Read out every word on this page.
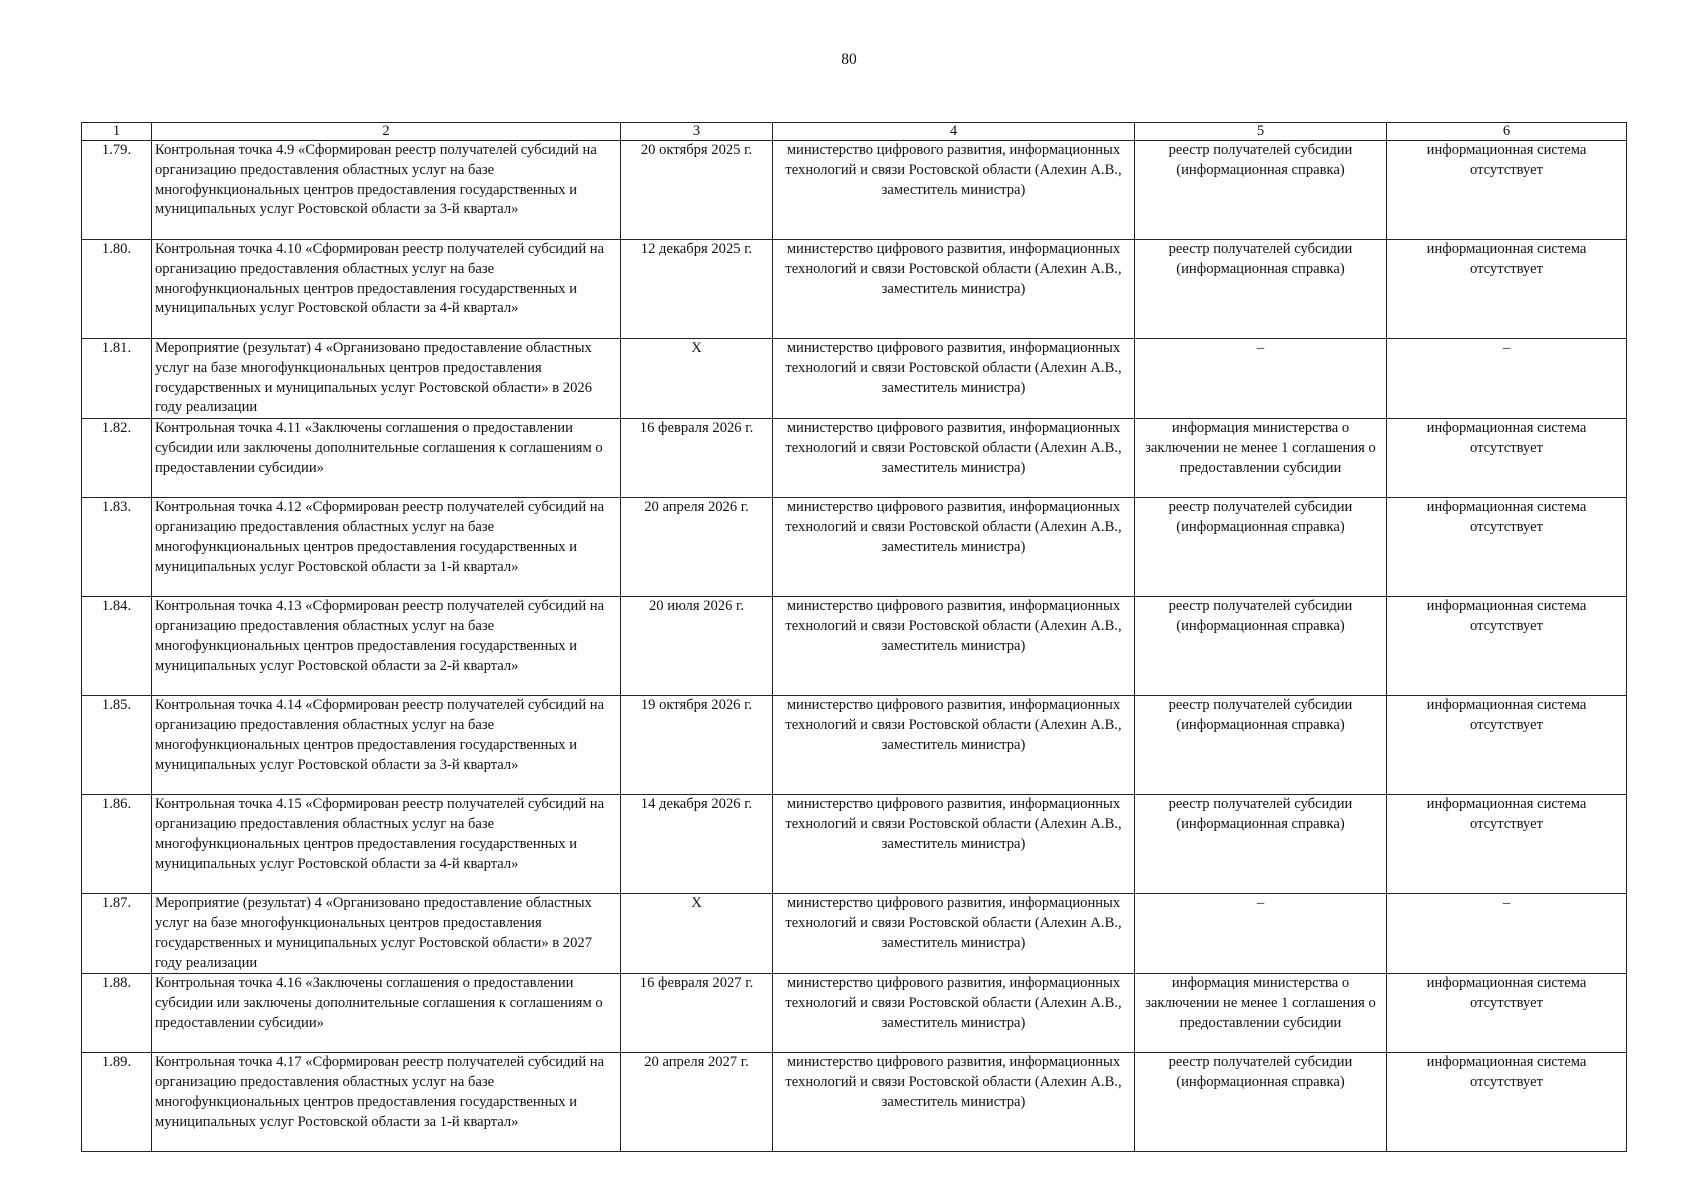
80
1	2	3	4	5	6
1.79.	Контрольная точка 4.9 «Сформирован реестр получателей субсидий на организацию предоставления областных услуг на базе многофункциональных центров предоставления государственных и муниципальных услуг Ростовской области за 3-й квартал»	20 октября 2025 г.	министерство цифрового развития, информационных технологий и связи Ростовской области (Алехин А.В., заместитель министра)	реестр получателей субсидии (информационная справка)	информационная система отсутствует
1.80.	Контрольная точка 4.10 «Сформирован реестр получателей субсидий на организацию предоставления областных услуг на базе многофункциональных центров предоставления государственных и муниципальных услуг Ростовской области за 4-й квартал»	12 декабря 2025 г.	министерство цифрового развития, информационных технологий и связи Ростовской области (Алехин А.В., заместитель министра)	реестр получателей субсидии (информационная справка)	информационная система отсутствует
1.81.	Мероприятие (результат) 4 «Организовано предоставление областных услуг на базе многофункциональных центров предоставления государственных и муниципальных услуг Ростовской области» в 2026 году реализации	X	министерство цифрового развития, информационных технологий и связи Ростовской области (Алехин А.В., заместитель министра)	–	–
1.82.	Контрольная точка 4.11 «Заключены соглашения о предоставлении субсидии или заключены дополнительные соглашения к соглашениям о предоставлении субсидии»	16 февраля 2026 г.	министерство цифрового развития, информационных технологий и связи Ростовской области (Алехин А.В., заместитель министра)	информация министерства о заключении не менее 1 соглашения о предоставлении субсидии	информационная система отсутствует
1.83.	Контрольная точка 4.12 «Сформирован реестр получателей субсидий на организацию предоставления областных услуг на базе многофункциональных центров предоставления государственных и муниципальных услуг Ростовской области за 1-й квартал»	20 апреля 2026 г.	министерство цифрового развития, информационных технологий и связи Ростовской области (Алехин А.В., заместитель министра)	реестр получателей субсидии (информационная справка)	информационная система отсутствует
1.84.	Контрольная точка 4.13 «Сформирован реестр получателей субсидий на организацию предоставления областных услуг на базе многофункциональных центров предоставления государственных и муниципальных услуг Ростовской области за 2-й квартал»	20 июля 2026 г.	министерство цифрового развития, информационных технологий и связи Ростовской области (Алехин А.В., заместитель министра)	реестр получателей субсидии (информационная справка)	информационная система отсутствует
1.85.	Контрольная точка 4.14 «Сформирован реестр получателей субсидий на организацию предоставления областных услуг на базе многофункциональных центров предоставления государственных и муниципальных услуг Ростовской области за 3-й квартал»	19 октября 2026 г.	министерство цифрового развития, информационных технологий и связи Ростовской области (Алехин А.В., заместитель министра)	реестр получателей субсидии (информационная справка)	информационная система отсутствует
1.86.	Контрольная точка 4.15 «Сформирован реестр получателей субсидий на организацию предоставления областных услуг на базе многофункциональных центров предоставления государственных и муниципальных услуг Ростовской области за 4-й квартал»	14 декабря 2026 г.	министерство цифрового развития, информационных технологий и связи Ростовской области (Алехин А.В., заместитель министра)	реестр получателей субсидии (информационная справка)	информационная система отсутствует
1.87.	Мероприятие (результат) 4 «Организовано предоставление областных услуг на базе многофункциональных центров предоставления государственных и муниципальных услуг Ростовской области» в 2027 году реализации	X	министерство цифрового развития, информационных технологий и связи Ростовской области (Алехин А.В., заместитель министра)	–	–
1.88.	Контрольная точка 4.16 «Заключены соглашения о предоставлении субсидии или заключены дополнительные соглашения к соглашениям о предоставлении субсидии»	16 февраля 2027 г.	министерство цифрового развития, информационных технологий и связи Ростовской области (Алехин А.В., заместитель министра)	информация министерства о заключении не менее 1 соглашения о предоставлении субсидии	информационная система отсутствует
1.89.	Контрольная точка 4.17 «Сформирован реестр получателей субсидий на организацию предоставления областных услуг на базе многофункциональных центров предоставления государственных и муниципальных услуг Ростовской области за 1-й квартал»	20 апреля 2027 г.	министерство цифрового развития, информационных технологий и связи Ростовской области (Алехин А.В., заместитель министра)	реестр получателей субсидии (информационная справка)	информационная система отсутствует
